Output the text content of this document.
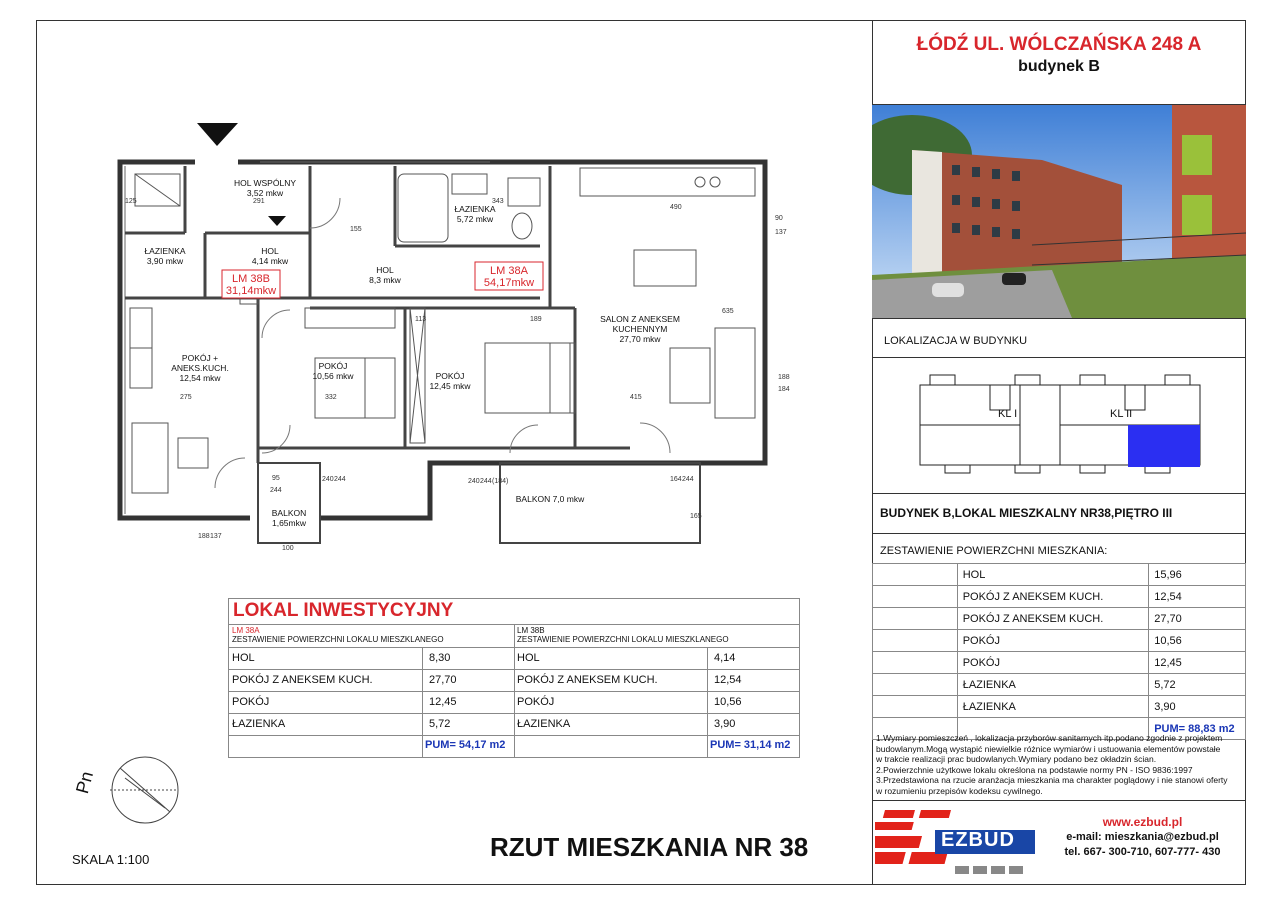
ŁÓDŹ UL. WÓLCZAŃSKA 248 A
budynek B
LOKALIZACJA W BUDYNKU
KL I	KL II
BUDYNEK B,LOKAL MIESZKALNY NR38,PIĘTRO III
ZESTAWIENIE POWIERZCHNI MIESZKANIA:
	HOL	15,96
	POKÓJ Z ANEKSEM KUCH.	12,54
	POKÓJ Z ANEKSEM KUCH.	27,70
	POKÓJ	10,56
	POKÓJ	12,45
	ŁAZIENKA	5,72
	ŁAZIENKA	3,90
		PUM= 88,83 m2
1.Wymiary pomieszczeń , lokalizacja przyborów sanitarnych itp.podano zgodnie z projektem
budowlanym.Mogą wystąpić niewielkie różnice wymiarów i ustuowania elementów powstałe
w trakcie realizacji prac budowlanych.Wymiary podano bez okładzin ścian.
2.Powierzchnie użytkowe lokalu określona na podstawie normy PN - ISO 9836:1997
3.Przedstawiona na rzucie aranżacja mieszkania ma charakter poglądowy i nie stanowi oferty
w rozumieniu przepisów kodeksu cywilnego.
EZBUD
www.ezbud.pl
e-mail: mieszkania@ezbud.pl
tel. 667- 300-710, 607-777- 430
LOKAL INWESTYCYJNY
LM 38A
ZESTAWIENIE POWIERZCHNI LOKALU MIESZKLANEGO
LM 38B
ZESTAWIENIE POWIERZCHNI LOKALU MIESZKLANEGO
HOL	8,30
POKÓJ Z ANEKSEM KUCH.	27,70
POKÓJ	12,45
ŁAZIENKA	5,72
PUM= 54,17 m2
HOL	4,14
POKÓJ Z ANEKSEM KUCH.	12,54
POKÓJ	10,56
ŁAZIENKA	3,90
PUM= 31,14 m2
HOL WSPÓLNY
3,52 mkw
ŁAZIENKA
3,90 mkw
HOL
4,14 mkw
ŁAZIENKA
5,72 mkw
HOL
8,3 mkw
SALON Z ANEKSEM
KUCHENNYM
27,70 mkw
POKÓJ +
ANEKS.KUCH.
12,54 mkw
POKÓJ
10,56 mkw	POKÓJ
12,45 mkw
BALKON 7,0 mkw
BALKON
1,65mkw
LM 38B
31,14mkw
LM 38A
54,17mkw
90
137
188
184
95
244
240 244	240 244 (184)	164 244
165
188 137
100
635
490
343
332	415
189
275
155
291
125
113
Pn
SKALA 1:100	RZUT MIESZKANIA NR 38
